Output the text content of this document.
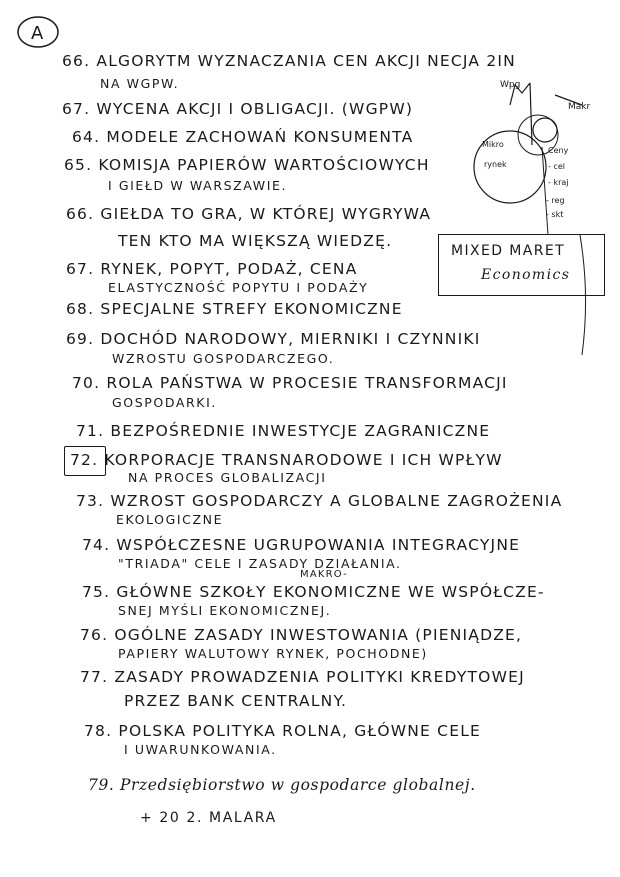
A
66. ALGORYTM WYZNACZANIA CEN AKCJI NECJA 2IN
NA WGPW.
67. WYCENA AKCJI I OBLIGACJI. (WGPW)
64. MODELE ZACHOWAŃ KONSUMENTA
65. KOMISJA PAPIERÓW WARTOŚCIOWYCH
I GIEŁD W WARSZAWIE.
66. GIEŁDA TO GRA, W KTÓREJ WYGRYWA
TEN KTO MA WIĘKSZĄ WIEDZĘ.
67. RYNEK, POPYT, PODAŻ, CENA
ELASTYCZNOŚĆ POPYTU I PODAŻY
68. SPECJALNE STREFY EKONOMICZNE
69. DOCHÓD NARODOWY, MIERNIKI I CZYNNIKI
WZROSTU GOSPODARCZEGO.
70. ROLA PAŃSTWA W PROCESIE TRANSFORMACJI
GOSPODARKI.
71. BEZPOŚREDNIE INWESTYCJE ZAGRANICZNE
72. KORPORACJE TRANSNARODOWE I ICH WPŁYW
NA PROCES GLOBALIZACJI
73. WZROST GOSPODARCZY A GLOBALNE ZAGROŻENIA
EKOLOGICZNE
74. WSPÓŁCZESNE UGRUPOWANIA INTEGRACYJNE
"TRIADA" CELE I ZASADY DZIAŁANIA.
MAKRO-
75. GŁÓWNE SZKOŁY EKONOMICZNE WE WSPÓŁCZE-
SNEJ MYŚLI EKONOMICZNEJ.
76. OGÓLNE ZASADY INWESTOWANIA (PIENIĄDZE,
PAPIERY WALUTOWY RYNEK, POCHODNE)
77. ZASADY PROWADZENIA POLITYKI KREDYTOWEJ
PRZEZ BANK CENTRALNY.
78. POLSKA POLITYKA ROLNA, GŁÓWNE CELE
I UWARUNKOWANIA.
79. Przedsiębiorstwo w gospodarce globalnej.
+ 20 2. MALARA
MIXED MARET
Economics
Wpg
Makr
Mikro
rynek
Ceny
- cel
- kraj
- reg
- skt
